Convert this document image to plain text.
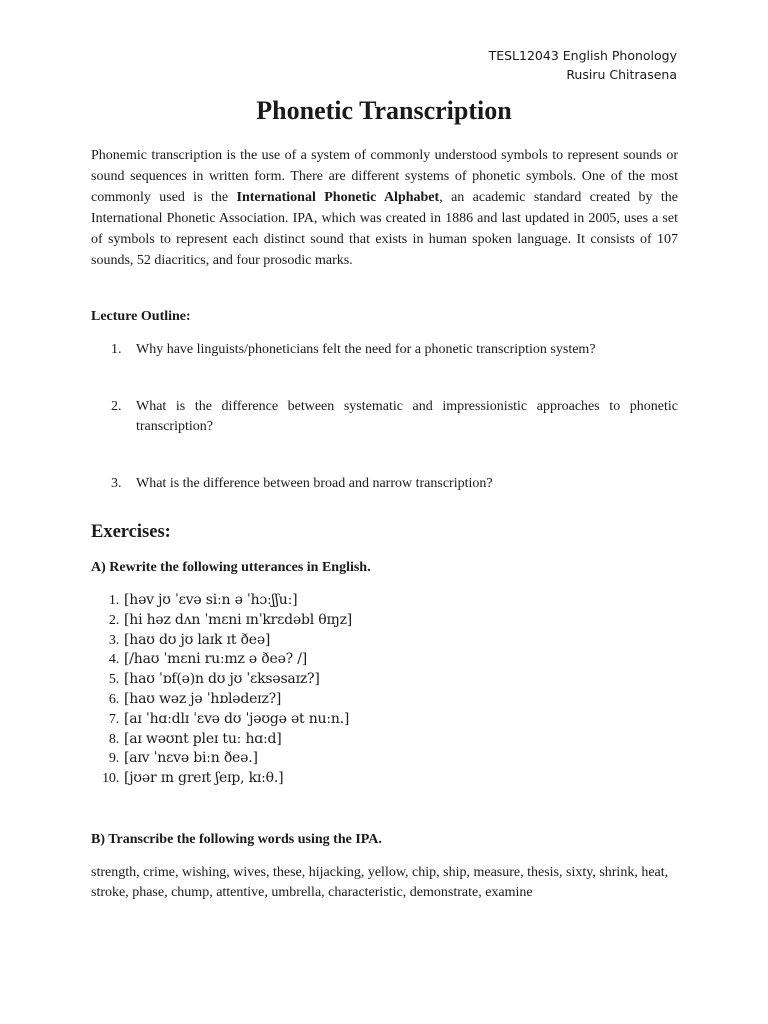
TESL12043 English Phonology
Rusiru Chitrasena
Phonetic Transcription

Phonemic transcription is the use of a system of commonly understood symbols to represent sounds or sound sequences in written form. There are different systems of phonetic symbols. One of the most commonly used is the International Phonetic Alphabet, an academic standard created by the International Phonetic Association. IPA, which was created in 1886 and last updated in 2005, uses a set of symbols to represent each distinct sound that exists in human spoken language. It consists of 107 sounds, 52 diacritics, and four prosodic marks.

Lecture Outline:

1. Why have linguists/phoneticians felt the need for a phonetic transcription system?
2. What is the difference between systematic and impressionistic approaches to phonetic transcription?
3. What is the difference between broad and narrow transcription?
Exercises:

A) Rewrite the following utterances in English.

1. [həv jʊ ˈɛvə siːn ə ˈhɔːʃʃuː]
2. [hi həz dʌn ˈmɛni ɪnˈkrɛdəbl θɪŋz]
3. [haʊ dʊ jʊ laɪk ɪt ðeə]
4. [/haʊ ˈmɛni ruːmz ə ðeə? /]
5. [haʊ ˈɒf(ə)n dʊ jʊ ˈɛksəsaɪz?]
6. [haʊ wəz jə ˈhɒlədeɪz?]
7. [aɪ ˈhɑːdlɪ ˈɛvə dʊ ˈjəʊgə ət nuːn.]
8. [aɪ wəʊnt pleɪ tuː hɑːd]
9. [aɪv ˈnɛvə biːn ðeə.]
10. [jʊər ɪn greɪt ʃeɪp, kɪːθ.]

B) Transcribe the following words using the IPA.

strength, crime, wishing, wives, these, hijacking, yellow, chip, ship, measure, thesis, sixty, shrink, heat, stroke, phase, chump, attentive, umbrella, characteristic, demonstrate, examine
